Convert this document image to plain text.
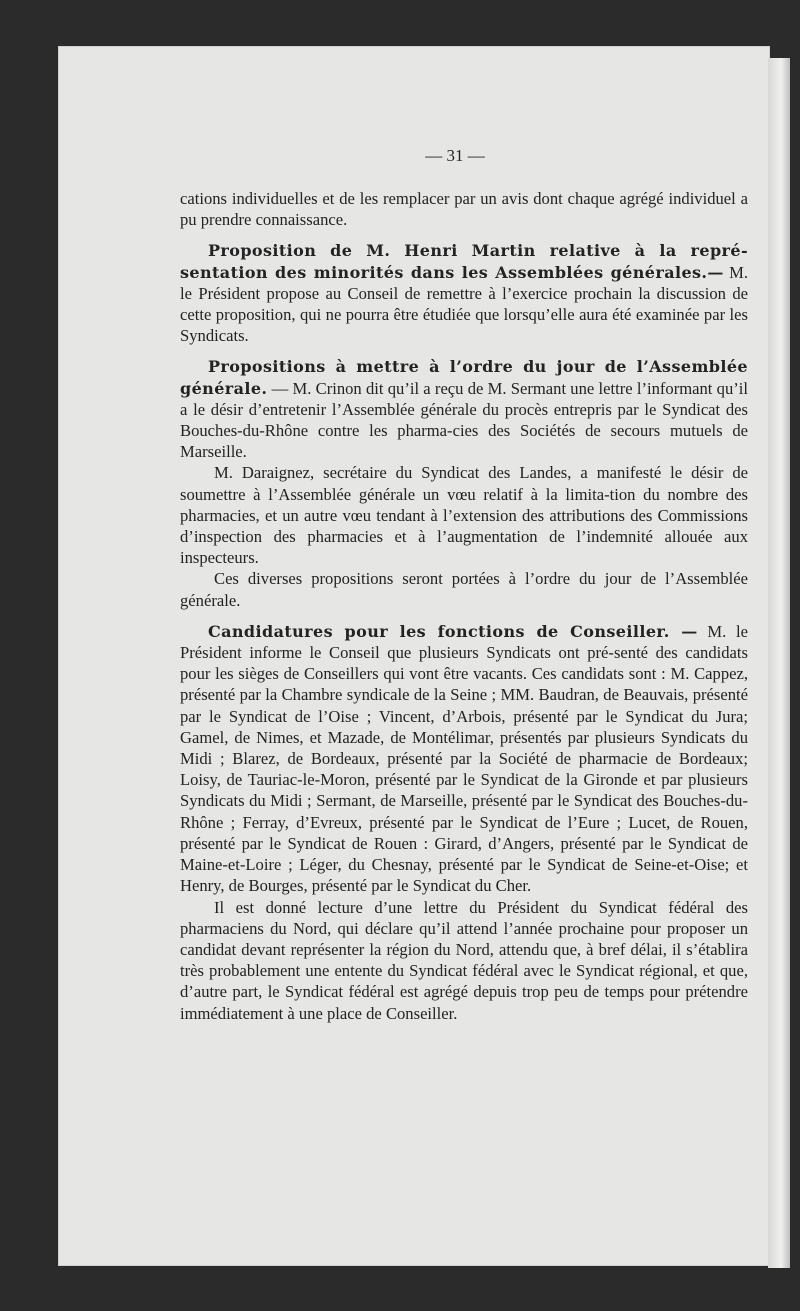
— 31 —

cations individuelles et de les remplacer par un avis dont chaque agrégé individuel a pu prendre connaissance.

Proposition de M. Henri Martin relative à la repré-sentation des minorités dans les Assemblées générales.— M. le Président propose au Conseil de remettre à l’exercice prochain la discussion de cette proposition, qui ne pourra être étudiée que lorsqu’elle aura été examinée par les Syndicats.

Propositions à mettre à l’ordre du jour de l’Assemblée générale. — M. Crinon dit qu’il a reçu de M. Sermant une lettre l’informant qu’il a le désir d’entretenir l’Assemblée générale du procès entrepris par le Syndicat des Bouches-du-Rhône contre les pharma-cies des Sociétés de secours mutuels de Marseille.

M. Daraignez, secrétaire du Syndicat des Landes, a manifesté le désir de soumettre à l’Assemblée générale un vœu relatif à la limita-tion du nombre des pharmacies, et un autre vœu tendant à l’extension des attributions des Commissions d’inspection des pharmacies et à l’augmentation de l’indemnité allouée aux inspecteurs.

Ces diverses propositions seront portées à l’ordre du jour de l’Assemblée générale.

Candidatures pour les fonctions de Conseiller. — M. le Président informe le Conseil que plusieurs Syndicats ont pré-senté des candidats pour les sièges de Conseillers qui vont être vacants. Ces candidats sont : M. Cappez, présenté par la Chambre syndicale de la Seine ; MM. Baudran, de Beauvais, présenté par le Syndicat de l’Oise ; Vincent, d’Arbois, présenté par le Syndicat du Jura; Gamel, de Nimes, et Mazade, de Montélimar, présentés par plusieurs Syndicats du Midi ; Blarez, de Bordeaux, présenté par la Société de pharmacie de Bordeaux; Loisy, de Tauriac-le-Moron, présenté par le Syndicat de la Gironde et par plusieurs Syndicats du Midi ; Sermant, de Marseille, présenté par le Syndicat des Bouches-du-Rhône ; Ferray, d’Evreux, présenté par le Syndicat de l’Eure ; Lucet, de Rouen, présenté par le Syndicat de Rouen : Girard, d’Angers, présenté par le Syndicat de Maine-et-Loire ; Léger, du Chesnay, présenté par le Syndicat de Seine-et-Oise; et Henry, de Bourges, présenté par le Syndicat du Cher.

Il est donné lecture d’une lettre du Président du Syndicat fédéral des pharmaciens du Nord, qui déclare qu’il attend l’année prochaine pour proposer un candidat devant représenter la région du Nord, attendu que, à bref délai, il s’établira très probablement une entente du Syndicat fédéral avec le Syndicat régional, et que, d’autre part, le Syndicat fédéral est agrégé depuis trop peu de temps pour prétendre immédiatement à une place de Conseiller.
